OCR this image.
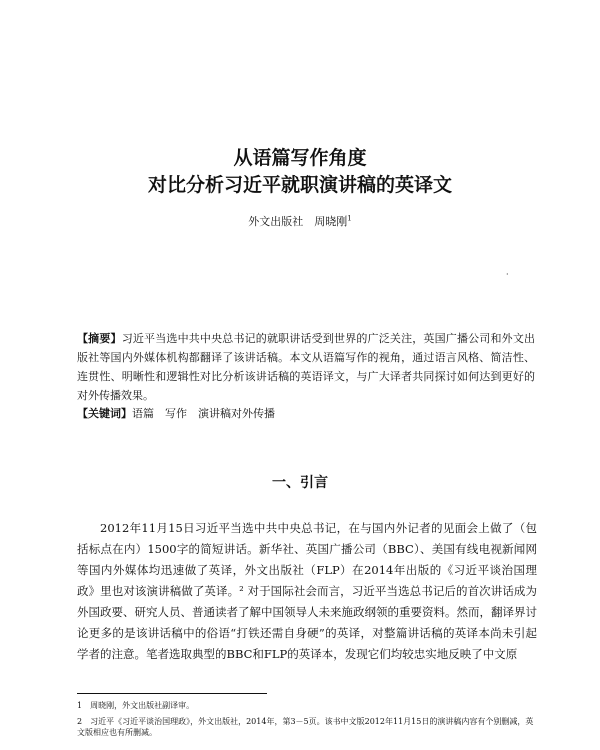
从语篇写作角度
对比分析习近平就职演讲稿的英译文
外文出版社　周晓刚$^1$
·

【摘要】习近平当选中共中央总书记的就职讲话受到世界的广泛关注，英国广播公司和外文出版社等国内外媒体机构都翻译了该讲话稿。本文从语篇写作的视角，通过语言风格、简洁性、连贯性、明晰性和逻辑性对比分析该讲话稿的英语译文，与广大译者共同探讨如何达到更好的对外传播效果。

【关键词】语篇　写作　演讲稿对外传播

一、引言

2012年11月15日习近平当选中共中央总书记，在与国内外记者的见面会上做了（包括标点在内）1500字的简短讲话。新华社、英国广播公司（BBC）、美国有线电视新闻网等国内外媒体均迅速做了英译，外文出版社（FLP）在2014年出版的《习近平谈治国理政》里也对该演讲稿做了英译。² 对于国际社会而言，习近平当选总书记后的首次讲话成为外国政要、研究人员、普通读者了解中国领导人未来施政纲领的重要资料。然而，翻译界讨论更多的是该讲话稿中的俗语“打铁还需自身硬”的英译，对整篇讲话稿的英译本尚未引起学者的注意。笔者选取典型的BBC和FLP的英译本，发现它们均较忠实地反映了中文原

1　周晓刚，外文出版社副译审。

2　习近平《习近平谈治国理政》，外文出版社，2014年，第3－5页。该书中文版2012年11月15日的演讲稿内容有个别删减，英文版相应也有所删减。
